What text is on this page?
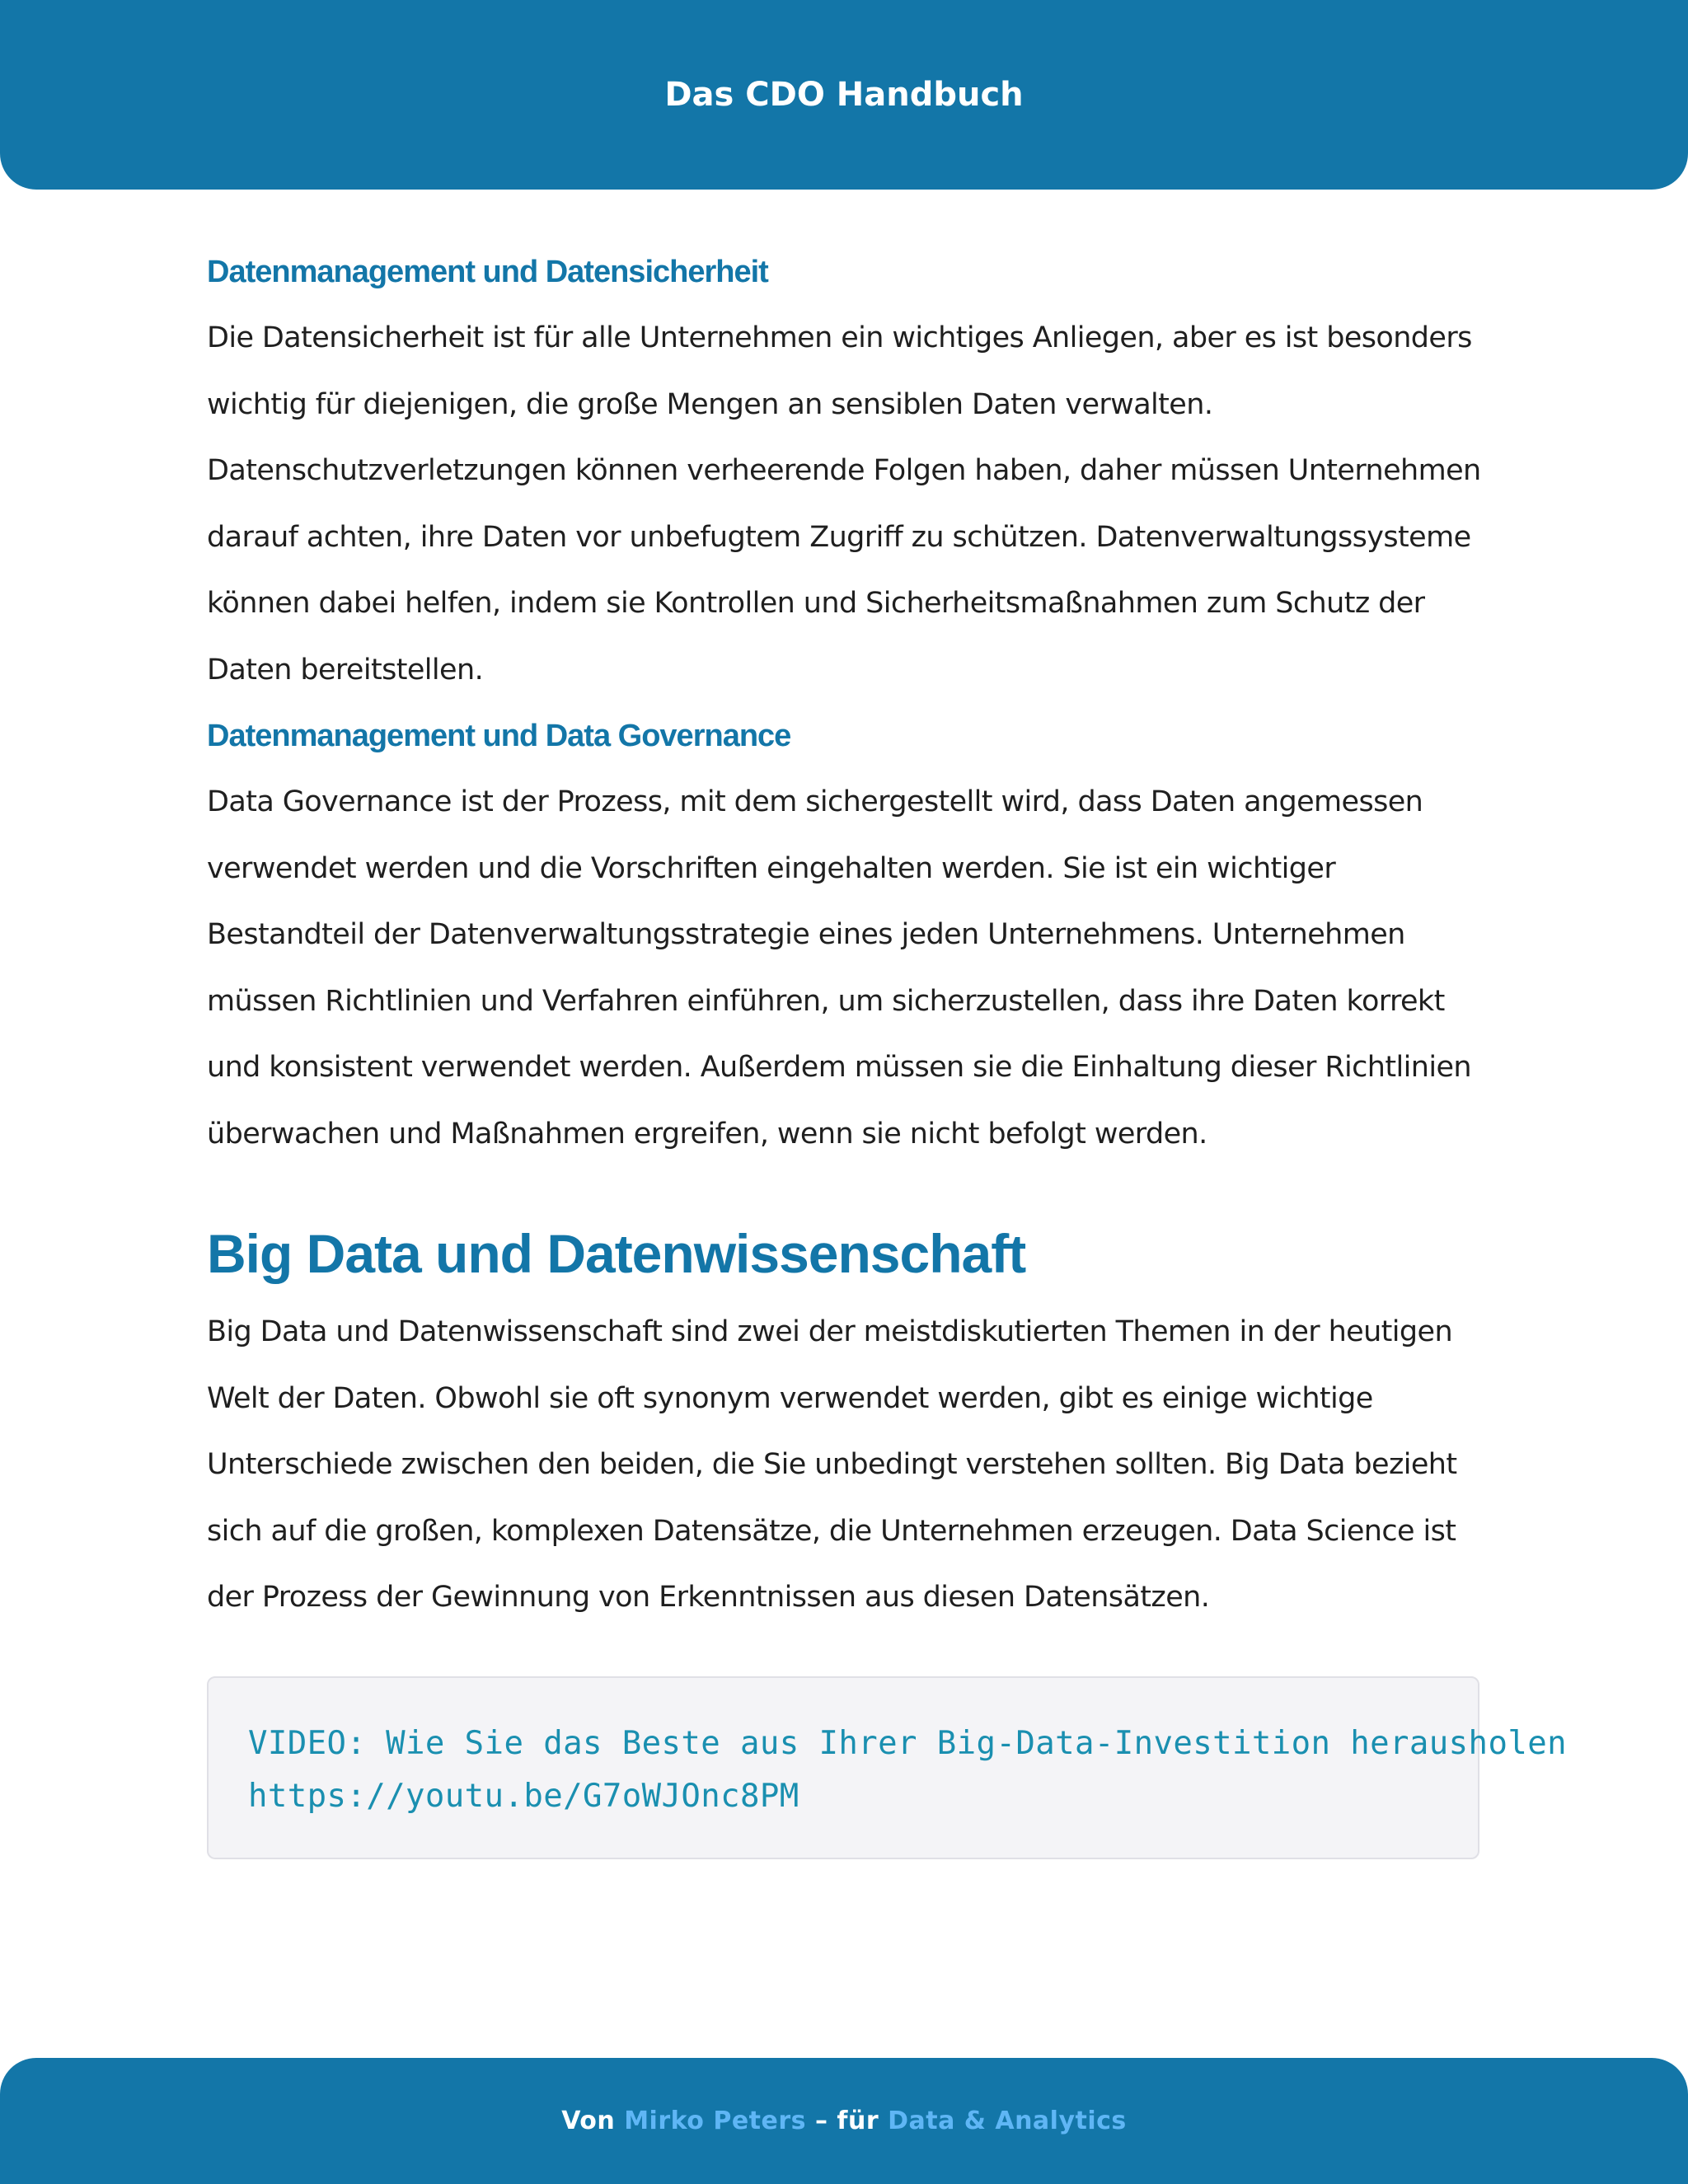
Das CDO Handbuch
Datenmanagement und Datensicherheit

Die Datensicherheit ist für alle Unternehmen ein wichtiges Anliegen, aber es ist besonders wichtig für diejenigen, die große Mengen an sensiblen Daten verwalten. Datenschutzverletzungen können verheerende Folgen haben, daher müssen Unternehmen darauf achten, ihre Daten vor unbefugtem Zugriff zu schützen. Datenverwaltungssysteme können dabei helfen, indem sie Kontrollen und Sicherheitsmaßnahmen zum Schutz der Daten bereitstellen.

Datenmanagement und Data Governance

Data Governance ist der Prozess, mit dem sichergestellt wird, dass Daten angemessen verwendet werden und die Vorschriften eingehalten werden. Sie ist ein wichtiger Bestandteil der Datenverwaltungsstrategie eines jeden Unternehmens. Unternehmen müssen Richtlinien und Verfahren einführen, um sicherzustellen, dass ihre Daten korrekt und konsistent verwendet werden. Außerdem müssen sie die Einhaltung dieser Richtlinien überwachen und Maßnahmen ergreifen, wenn sie nicht befolgt werden.

Big Data und Datenwissenschaft

Big Data und Datenwissenschaft sind zwei der meistdiskutierten Themen in der heutigen Welt der Daten. Obwohl sie oft synonym verwendet werden, gibt es einige wichtige Unterschiede zwischen den beiden, die Sie unbedingt verstehen sollten. Big Data bezieht sich auf die großen, komplexen Datensätze, die Unternehmen erzeugen. Data Science ist der Prozess der Gewinnung von Erkenntnissen aus diesen Datensätzen.

VIDEO: Wie Sie das Beste aus Ihrer Big-Data-Investition herausholen
https://youtu.be/G7oWJOnc8PM
Von Mirko Peters – für Data & Analytics
